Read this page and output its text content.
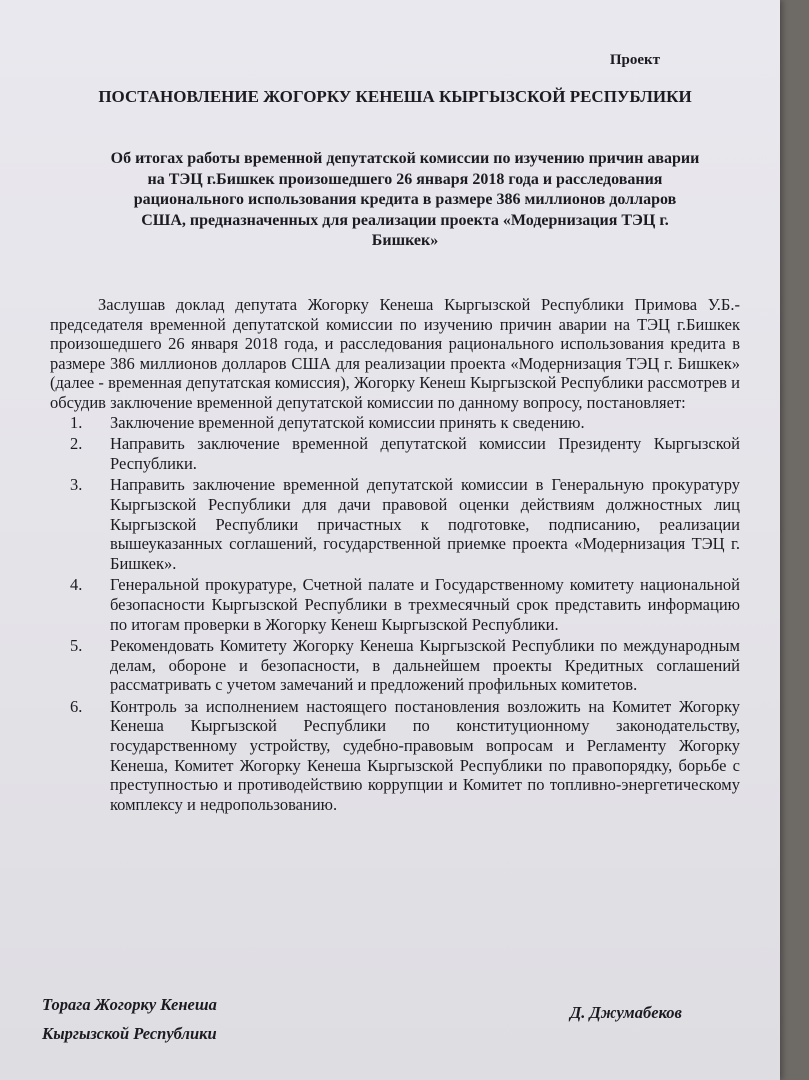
Проект
ПОСТАНОВЛЕНИЕ ЖОГОРКУ КЕНЕША КЫРГЫЗСКОЙ РЕСПУБЛИКИ
Об итогах работы временной депутатской комиссии по изучению причин аварии на ТЭЦ г.Бишкек произошедшего 26 января 2018 года и расследования рационального использования кредита в размере 386 миллионов долларов США, предназначенных для реализации проекта «Модернизация ТЭЦ г. Бишкек»

Заслушав доклад депутата Жогорку Кенеша Кыргызской Республики Примова У.Б.- председателя временной депутатской комиссии по изучению причин аварии на ТЭЦ г.Бишкек произошедшего 26 января 2018 года, и расследования рационального использования кредита в размере 386 миллионов долларов США для реализации проекта «Модернизация ТЭЦ г. Бишкек» (далее - временная депутатская комиссия), Жогорку Кенеш Кыргызской Республики рассмотрев и обсудив заключение временной депутатской комиссии по данному вопросу, постановляет:

1. Заключение временной депутатской комиссии принять к сведению.
2. Направить заключение временной депутатской комиссии Президенту Кыргызской Республики.
3. Направить заключение временной депутатской комиссии в Генеральную прокуратуру Кыргызской Республики для дачи правовой оценки действиям должностных лиц Кыргызской Республики причастных к подготовке, подписанию, реализации вышеуказанных соглашений, государственной приемке проекта «Модернизация ТЭЦ г. Бишкек».
4. Генеральной прокуратуре, Счетной палате и Государственному комитету национальной безопасности Кыргызской Республики в трехмесячный срок представить информацию по итогам проверки в Жогорку Кенеш Кыргызской Республики.
5. Рекомендовать Комитету Жогорку Кенеша Кыргызской Республики по международным делам, обороне и безопасности, в дальнейшем проекты Кредитных соглашений рассматривать с учетом замечаний и предложений профильных комитетов.
6. Контроль за исполнением настоящего постановления возложить на Комитет Жогорку Кенеша Кыргызской Республики по конституционному законодательству, государственному устройству, судебно-правовым вопросам и Регламенту Жогорку Кенеша, Комитет Жогорку Кенеша Кыргызской Республики по правопорядку, борьбе с преступностью и противодействию коррупции и Комитет по топливно-энергетическому комплексу и недропользованию.
Торага Жогорку Кенеша
Кыргызской Республики
Д. Джумабеков
